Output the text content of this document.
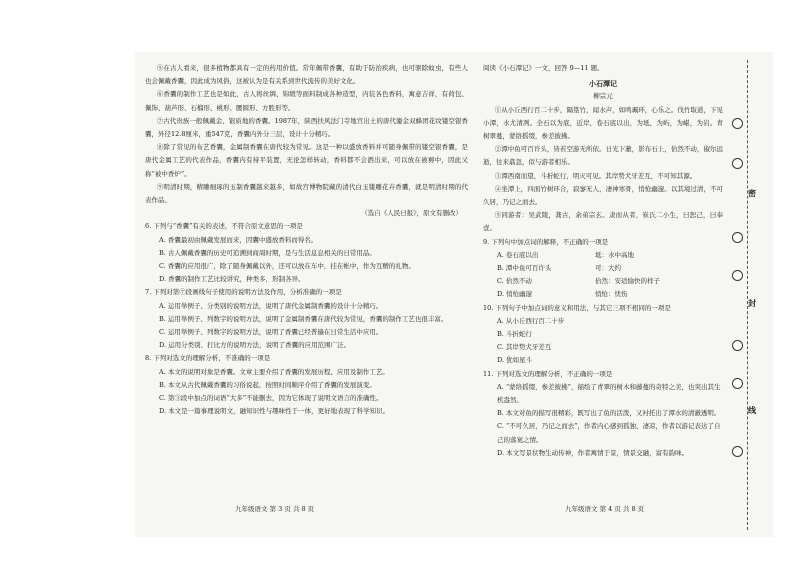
⑤在古人看来，很多植物都具有一定的药用价值。常年佩带香囊，有助于防治疾病，也可驱除蚊虫，有些人也会佩戴香囊，因此成为风俗，这被认为是有关系到世代流传的美好文化。

⑥香囊的制作工艺也是如此，古人将丝绸、锦缎等面料制成各种造型，内装各色香料，寓意吉祥，有荷包、佩饰、葫芦形、石榴形、桃形、腰圆形、方胜形等。

⑦古代贵族一般佩戴金、银质地的香囊。1987年，陕西扶风法门寺地宫出土的唐代鎏金双蜂团花纹镂空银香囊，外径12.8厘米，重547克，香囊内外分三层，设计十分精巧。

⑧除了常见的布艺香囊，金属制香囊在唐代较为常见。这是一种以盛放香料并可随身佩带的镂空银香囊，是唐代金属工艺的代表作品，香囊内有持平装置，无论怎样转动，香料都不会洒出来，可以放在被褥中，因此又称“被中香炉”。

⑨明清时期，精雕细琢的玉制香囊越来越多，如故宫博物院藏的清代白玉镂雕花卉香囊，就是明清时期的代表作品。

（选自《人民日报》，原文有删改）

6. 下列与“香囊”有关的表述，不符合原文意思的一项是

A. 香囊最初由佩戴发展而来，因囊中盛放香料而得名。

B. 古人佩戴香囊的历史可追溯到商周时期，是与生活息息相关的日常用品。

C. 香囊的应用很广，除了随身佩戴以外，还可以放在车中，挂在帐中，作为互赠的礼物。

D. 香囊的制作工艺比较讲究，种类多，形制各异。

7. 下列对第⑦段画线句子使用的说明方法及作用，分析准确的一项是

A. 运用举例子、分类别的说明方法，说明了唐代金属制香囊的设计十分精巧。

B. 运用举例子、列数字的说明方法，说明了金属制香囊在唐代较为常见，香囊的制作工艺也很丰富。

C. 运用举例子、列数字的说明方法，说明了香囊已经普遍在日常生活中应用。

D. 运用分类别、打比方的说明方法，说明了香囊的应用范围广泛。

8. 下列对选文的理解分析，不准确的一项是

A. 本文的说明对象是香囊。文章主要介绍了香囊的发展历程、应用及制作工艺。

B. 本文从古代佩戴香囊的习俗说起，按照时间顺序介绍了香囊的发展演变。

C. 第③段中加点的词语“大多”不能删去，因为它体现了说明文语言的准确性。

D. 本文是一篇事理说明文，融知识性与趣味性于一体，更好地表现了科学知识。

阅读《小石潭记》一文，回答 9—11 题。

小石潭记

柳宗元

①从小丘西行百二十步，隔篁竹，闻水声，如鸣珮环，心乐之。伐竹取道，下见小潭，水尤清冽。全石以为底，近岸，卷石底以出，为坻，为屿，为嵁，为岩。青树翠蔓，蒙络摇缀，参差披拂。

②潭中鱼可百许头，皆若空游无所依。日光下澈，影布石上，佁然不动，俶尔远逝，往来翕忽，似与游者相乐。

③潭西南而望，斗折蛇行，明灭可见。其岸势犬牙差互，不可知其源。

④坐潭上，四面竹树环合，寂寥无人，凄神寒骨，悄怆幽邃。以其境过清，不可久居，乃记之而去。

⑤同游者：吴武陵，龚古，余弟宗玄。隶而从者，崔氏二小生，曰恕己，曰奉壹。

9. 下列句中加点词的解释，不正确的一项是

A. 卷石底以出	坻：水中高地
B. 潭中鱼可百许头	可：大约
C. 佁然不动	佁然：安适愉快的样子
D. 悄怆幽邃	悄怆：忧伤

10. 下列句子中加点词的意义和用法，与其它三项不相同的一项是

A. 从小丘西行百二十步

B. 斗折蛇行

C. 其岸势犬牙差互

D. 犹如星斗

11. 下列对选文的理解分析，不正确的一项是

A. “蒙络摇缀，参差披拂”，描绘了青翠的树木和藤蔓的奇特之美，也突出其生机盎然。

B. 本文对鱼的描写很精彩，既写出了鱼的活泼，又衬托出了潭水的清澈透明。

C. “不可久居，乃记之而去”，作者内心感到孤独、凄凉，作者以游记表达了自己的落寞之情。

D. 本文写景状物生动传神，作者寓情于景，情景交融，富有韵味。

九年级语文 第 3 页 共 8 页	九年级语文 第 4 页 共 8 页
密
封
线
